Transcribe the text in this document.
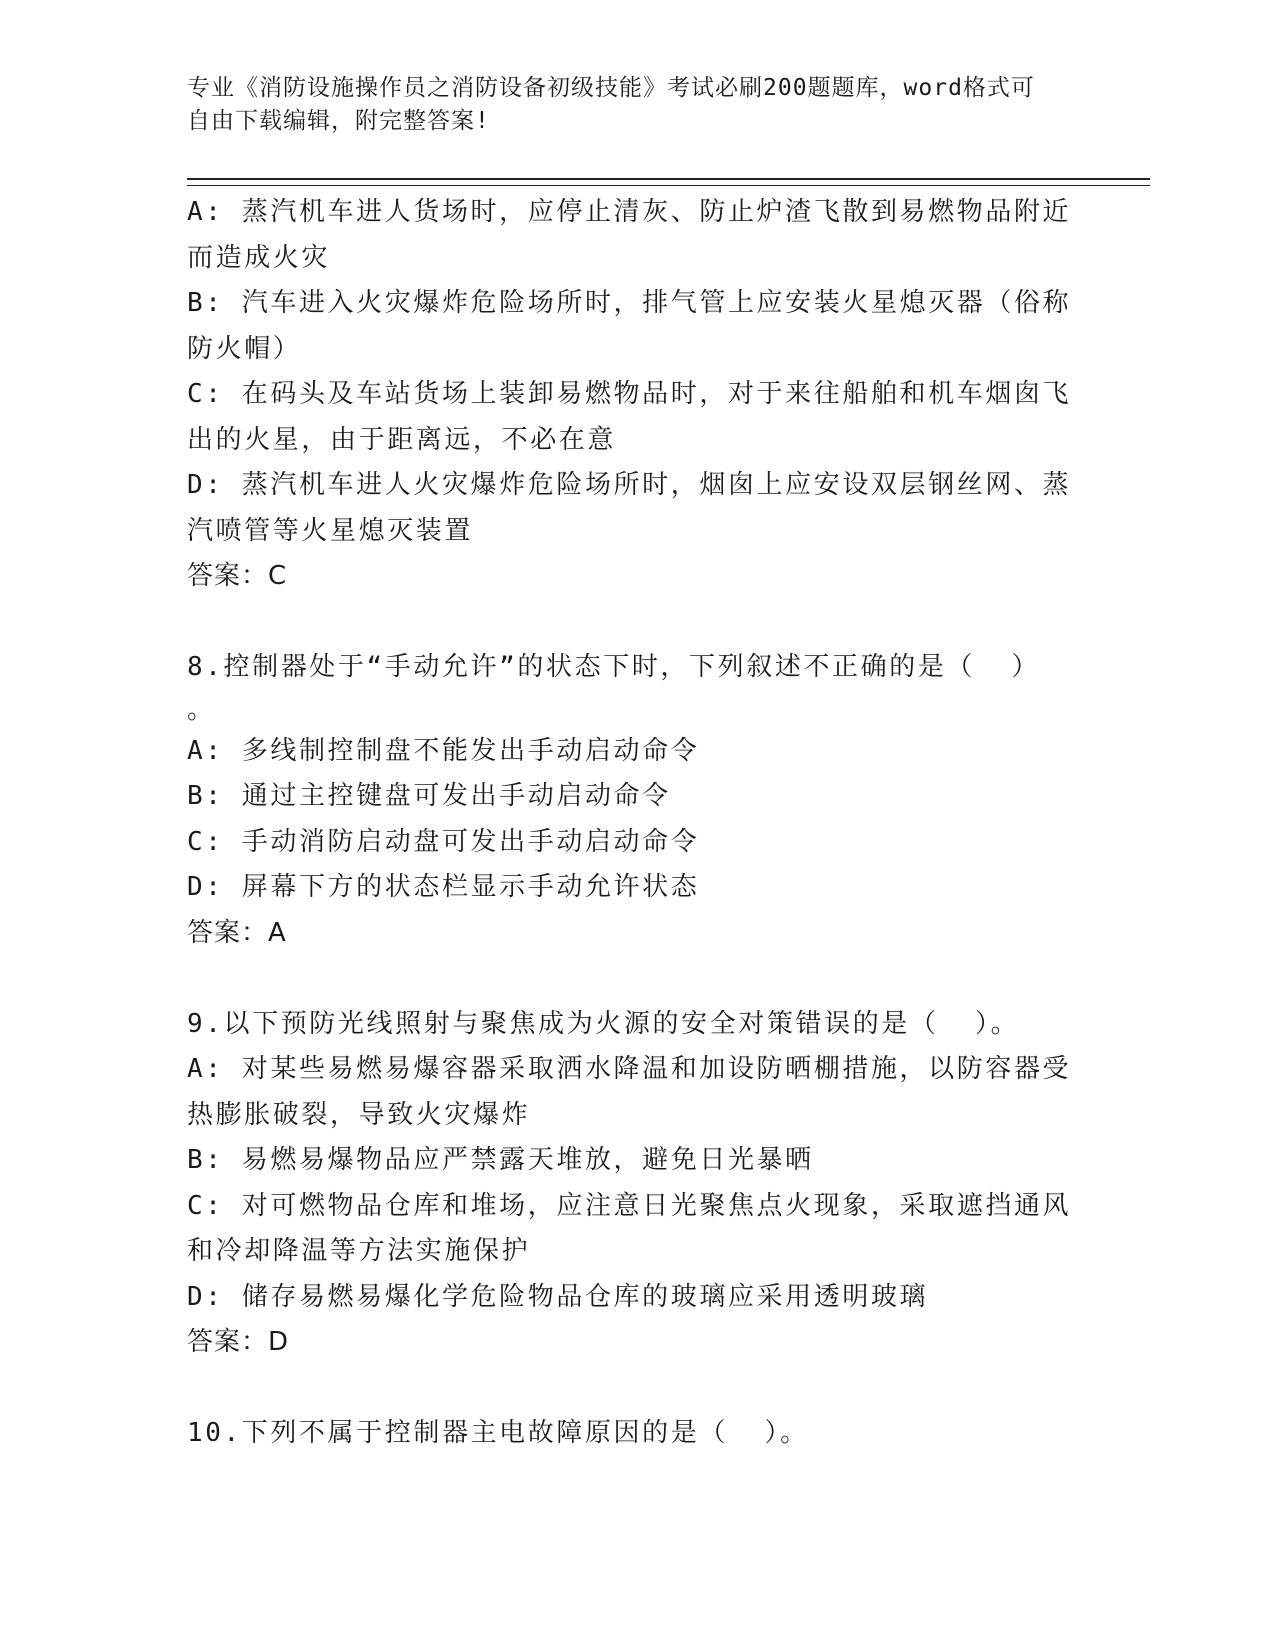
专业《消防设施操作员之消防设备初级技能》考试必刷200题题库，word格式可
自由下载编辑，附完整答案!
A: 蒸汽机车进人货场时，应停止清灰、防止炉渣飞散到易燃物品附近
而造成火灾
B: 汽车进入火灾爆炸危险场所时，排气管上应安装火星熄灭器（俗称
防火帽）
C: 在码头及车站货场上装卸易燃物品时，对于来往船舶和机车烟囱飞
出的火星，由于距离远，不必在意
D: 蒸汽机车进人火灾爆炸危险场所时，烟囱上应安设双层钢丝网、蒸
汽喷管等火星熄灭装置
答案：C
8.控制器处于“手动允许”的状态下时，下列叙述不正确的是（  ）
。
A: 多线制控制盘不能发出手动启动命令
B: 通过主控键盘可发出手动启动命令
C: 手动消防启动盘可发出手动启动命令
D: 屏幕下方的状态栏显示手动允许状态
答案：A
9.以下预防光线照射与聚焦成为火源的安全对策错误的是（  ）。
A: 对某些易燃易爆容器采取洒水降温和加设防晒棚措施，以防容器受
热膨胀破裂，导致火灾爆炸
B: 易燃易爆物品应严禁露天堆放，避免日光暴晒
C: 对可燃物品仓库和堆场，应注意日光聚焦点火现象，采取遮挡通风
和冷却降温等方法实施保护
D: 储存易燃易爆化学危险物品仓库的玻璃应采用透明玻璃
答案：D
10.下列不属于控制器主电故障原因的是（  ）。
